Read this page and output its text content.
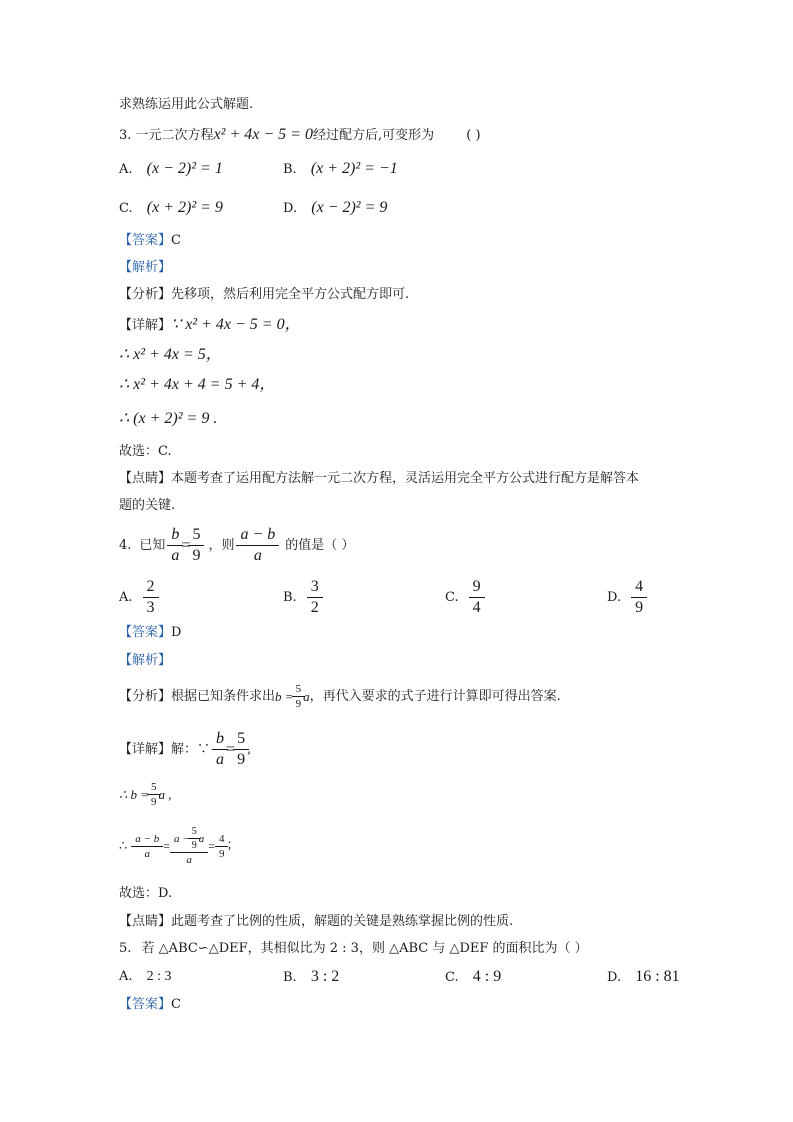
求熟练运用此公式解题.
3. 一元二次方程x² + 4x − 5 = 0经过配方后,可变形为 ( )
A. (x − 2)² = 1	B. (x + 2)² = −1
C. (x + 2)² = 9	D. (x − 2)² = 9
【答案】C
【解析】
【分析】先移项，然后利用完全平方公式配方即可.
【详解】∵ x² + 4x − 5 = 0，
∴ x² + 4x = 5，
∴ x² + 4x + 4 = 5 + 4，
∴ (x + 2)² = 9 .
故选：C.
【点睛】本题考查了运用配方法解一元二次方程，灵活运用完全平方公式进行配方是解答本
题的关键.
4. 已知 $\frac{b}{a} = \frac{5}{9}$ ，则 $\frac{a - b}{a}$ 的值是（ ）
A. $\frac{2}{3}$	B. $\frac{3}{2}$	C. $\frac{9}{4}$	D. $\frac{4}{9}$
【答案】D
【解析】
【分析】 根据已知条件求出 $b = \frac{5}{9}$ a ，再代入要求的式子进行计算即可得出答案.
【详解】 解：∵ $\frac{b}{a} = \frac{5}{9}$ ,
∴ $b = \frac{5}{9}$ a ,
∴ $\frac{a - b}{a} = \frac{a - \frac{5}{9} a}{a} = \frac{4}{9}$ ；
故选：D.
【点睛】此题考查了比例的性质，解题的关键是熟练掌握比例的性质.
5. 若 △ABC∽△DEF，其相似比为 2 : 3，则 △ABC 与 △DEF 的面积比为（ ）
A. 2 : 3	B. 3 : 2	C. 4 : 9	D. 16 : 81
【答案】C
